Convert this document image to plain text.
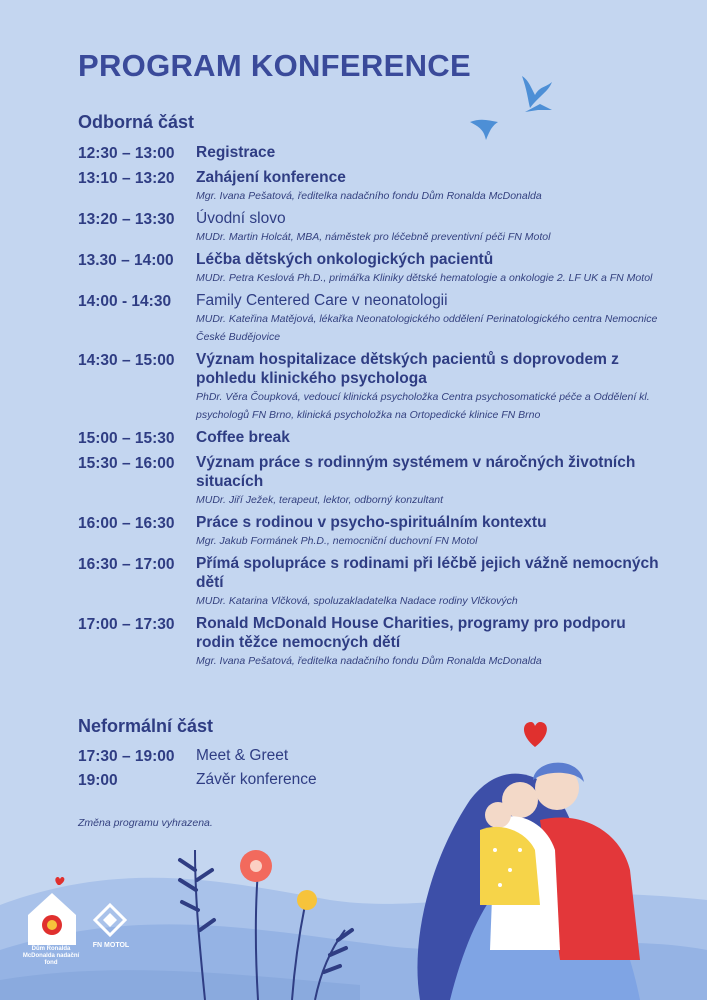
PROGRAM KONFERENCE
Odborná část
12:30 – 13:00	Registrace
13:10 – 13:20	Zahájení konference
Mgr. Ivana Pešatová, ředitelka nadačního fondu Dům Ronalda McDonalda
13:20 – 13:30	Úvodní slovo
MUDr. Martin Holcát, MBA, náměstek pro léčebně preventivní péči FN Motol
13.30 – 14:00	Léčba dětských onkologických pacientů
MUDr. Petra Keslová Ph.D., primářka Kliniky dětské hematologie a onkologie 2. LF UK a FN Motol
14:00 - 14:30	Family Centered Care v neonatologii
MUDr. Kateřina Matějová, lékařka Neonatologického oddělení Perinatologického centra Nemocnice České Budějovice
14:30 – 15:00	Význam hospitalizace dětských pacientů s doprovodem z pohledu klinického psychologa
PhDr. Věra Čoupková, vedoucí klinická psycholožka Centra psychosomatické péče a Oddělení kl. psychologů FN Brno, klinická psycholožka na Ortopedické klinice FN Brno
15:00 – 15:30	Coffee break
15:30 – 16:00	Význam práce s rodinným systémem v náročných životních situacích
MUDr. Jiří Ježek, terapeut, lektor, odborný konzultant
16:00 – 16:30	Práce s rodinou v psycho-spirituálním kontextu
Mgr. Jakub Formánek Ph.D., nemocniční duchovní FN Motol
16:30 – 17:00	Přímá spolupráce s rodinami při léčbě jejich vážně nemocných dětí
MUDr. Katarina Vlčková, spoluzakladatelka Nadace rodiny Vlčkových
17:00 – 17:30	Ronald McDonald House Charities, programy pro podporu rodin těžce nemocných dětí
Mgr. Ivana Pešatová, ředitelka nadačního fondu Dům Ronalda McDonalda
Neformální část
17:30 – 19:00	Meet & Greet
19:00	Závěr konference
Změna programu vyhrazena.
Dům Ronalda McDonalda nadační fond
FN MOTOL
